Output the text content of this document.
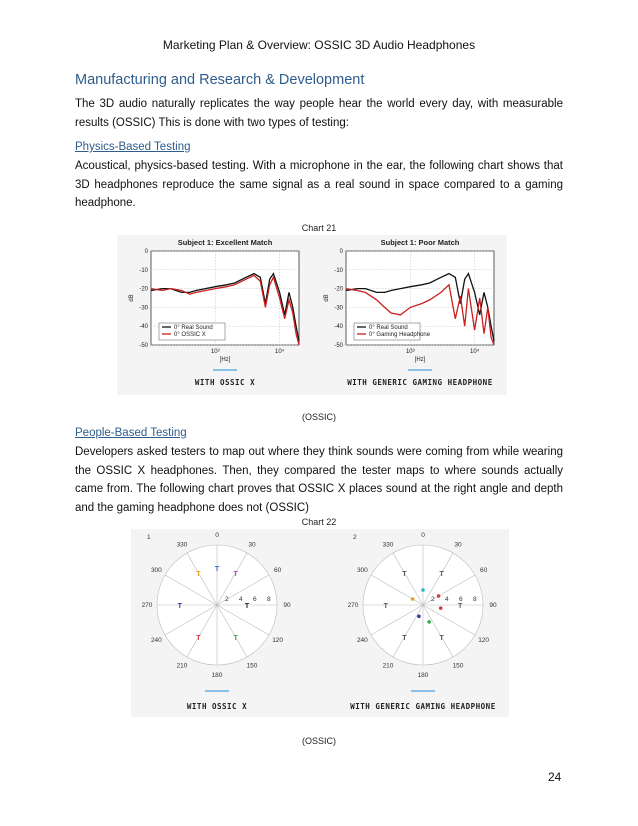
Marketing Plan & Overview: OSSIC 3D Audio Headphones
Manufacturing and Research & Development
The 3D audio naturally replicates the way people hear the world every day, with measurable results (OSSIC) This is done with two types of testing:
Physics-Based Testing
Acoustical, physics-based testing. With a microphone in the ear, the following chart shows that 3D headphones reproduce the same signal as a real sound in space compared to a gaming headphone.
Chart 21
Subject 1: Excellent Match
0
-10
-20
-30
-40
-50
10³	10⁴
[Hz]
dB
0° Real Sound
0° OSSIC X
WITH OSSIC X
Subject 1: Poor Match
0
-10
-20
-30
-40
-50
10³	10⁴
[Hz]
dB
0° Real Sound
0° Gaming Headphone
WITH GENERIC GAMING HEADPHONE
(OSSIC)
People-Based Testing
Developers asked testers to map out where they think sounds were coming from while wearing the OSSIC X headphones. Then, they compared the tester maps to where sounds actually came from. The following chart proves that OSSIC X places sound at the right angle and depth and the gaming headphone does not (OSSIC)
Chart 22
1	0
30
60
90
120
150
180
210
240
270
300
330
2 4 6 8
T
T
T
T
T
T
T
WITH OSSIC X
2	0
30
60
90
120
150
180
210
240
270
300
330
2 4 6 8
T	T
T
T
T
T
WITH GENERIC GAMING HEADPHONE
(OSSIC)
24
